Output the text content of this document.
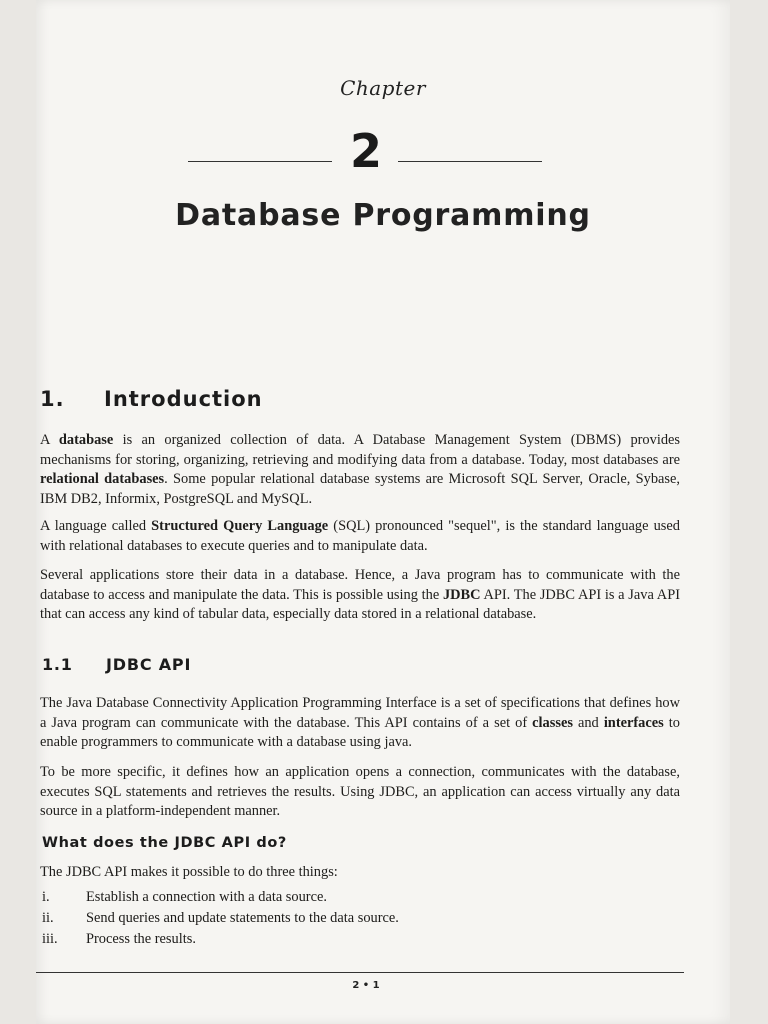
Chapter
2
Database Programming
1. Introduction

A database is an organized collection of data. A Database Management System (DBMS) provides mechanisms for storing, organizing, retrieving and modifying data from a database. Today, most databases are relational databases. Some popular relational database systems are Microsoft SQL Server, Oracle, Sybase, IBM DB2, Informix, PostgreSQL and MySQL.

A language called Structured Query Language (SQL) pronounced "sequel", is the standard language used with relational databases to execute queries and to manipulate data.

Several applications store their data in a database. Hence, a Java program has to communicate with the database to access and manipulate the data. This is possible using the JDBC API. The JDBC API is a Java API that can access any kind of tabular data, especially data stored in a relational database.

1.1 JDBC API

The Java Database Connectivity Application Programming Interface is a set of specifications that defines how a Java program can communicate with the database. This API contains of a set of classes and interfaces to enable programmers to communicate with a database using java.

To be more specific, it defines how an application opens a connection, communicates with the database, executes SQL statements and retrieves the results. Using JDBC, an application can access virtually any data source in a platform-independent manner.

What does the JDBC API do?

The JDBC API makes it possible to do three things:

i.	Establish a connection with a data source.
ii. Send queries and update statements to the data source.
iii. Process the results.
2 • 1
